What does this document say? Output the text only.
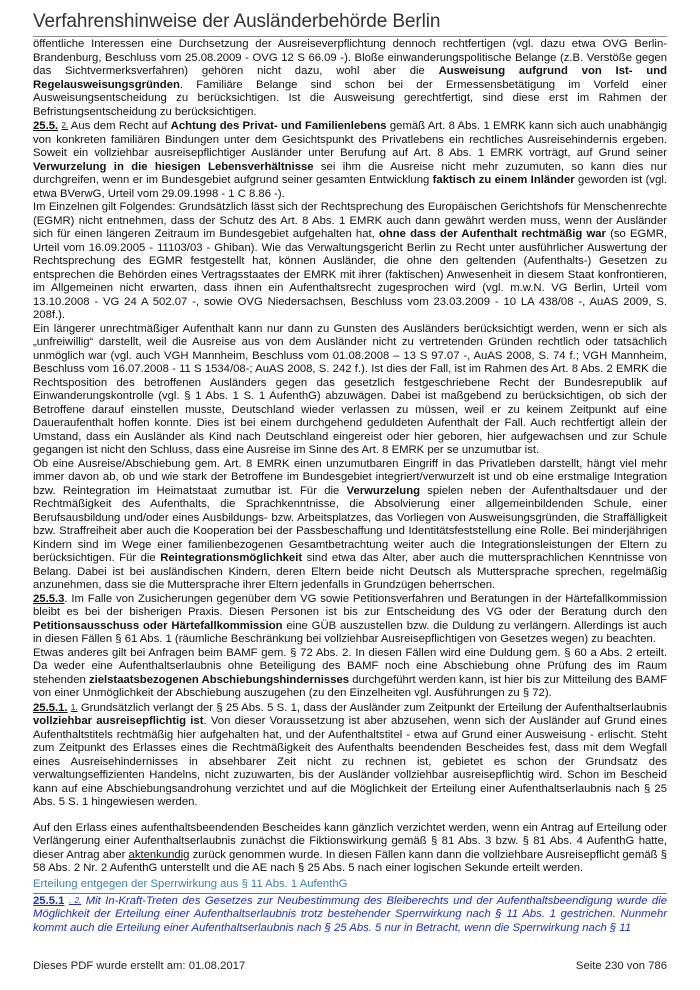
Verfahrenshinweise der Ausländerbehörde Berlin

öffentliche Interessen eine Durchsetzung der Ausreiseverpflichtung dennoch rechtfertigen (vgl. dazu etwa OVG Berlin-Brandenburg, Beschluss vom 25.08.2009 - OVG 12 S 66.09 -). Bloße einwanderungspolitische Belange (z.B. Verstöße gegen das Sichtvermerksverfahren) gehören nicht dazu, wohl aber die Ausweisung aufgrund von Ist- und Regelausweisungsgründen. Familiäre Belange sind schon bei der Ermessensbetätigung im Vorfeld einer Ausweisungsentscheidung zu berücksichtigen. Ist die Ausweisung gerechtfertigt, sind diese erst im Rahmen der Befristungsentscheidung zu berücksichtigen.

25.5. 2. Aus dem Recht auf Achtung des Privat- und Familienlebens gemäß Art. 8 Abs. 1 EMRK kann sich auch unabhängig von konkreten familiären Bindungen unter dem Gesichtspunkt des Privatlebens ein rechtliches Ausreisehindernis ergeben. Soweit ein vollziehbar ausreisepflichtiger Ausländer unter Berufung auf Art. 8 Abs. 1 EMRK vorträgt, auf Grund seiner Verwurzelung in die hiesigen Lebensverhältnisse sei ihm die Ausreise nicht mehr zuzumuten, so kann dies nur durchgreifen, wenn er im Bundesgebiet aufgrund seiner gesamten Entwicklung faktisch zu einem Inländer geworden ist (vgl. etwa BVerwG, Urteil vom 29.09.1998 - 1 C 8.86 -).

Im Einzelnen gilt Folgendes: Grundsätzlich lässt sich der Rechtsprechung des Europäischen Gerichtshofs für Menschenrechte (EGMR) nicht entnehmen, dass der Schutz des Art. 8 Abs. 1 EMRK auch dann gewährt werden muss, wenn der Ausländer sich für einen längeren Zeitraum im Bundesgebiet aufgehalten hat, ohne dass der Aufenthalt rechtmäßig war (so EGMR, Urteil vom 16.09.2005 - 11103/03 - Ghiban). Wie das Verwaltungsgericht Berlin zu Recht unter ausführlicher Auswertung der Rechtsprechung des EGMR festgestellt hat, können Ausländer, die ohne den geltenden (Aufenthalts-) Gesetzen zu entsprechen die Behörden eines Vertragsstaates der EMRK mit ihrer (faktischen) Anwesenheit in diesem Staat konfrontieren, im Allgemeinen nicht erwarten, dass ihnen ein Aufenthaltsrecht zugesprochen wird (vgl. m.w.N. VG Berlin, Urteil vom 13.10.2008 - VG 24 A 502.07 -, sowie OVG Niedersachsen, Beschluss vom 23.03.2009 - 10 LA 438/08 -, AuAS 2009, S. 208f.).

Ein längerer unrechtmäßiger Aufenthalt kann nur dann zu Gunsten des Ausländers berücksichtigt werden, wenn er sich als „unfreiwillig“ darstellt, weil die Ausreise aus von dem Ausländer nicht zu vertretenden Gründen rechtlich oder tatsächlich unmöglich war (vgl. auch VGH Mannheim, Beschluss vom 01.08.2008 – 13 S 97.07 -, AuAS 2008, S. 74 f.; VGH Mannheim, Beschluss vom 16.07.2008 - 11 S 1534/08-; AuAS 2008, S. 242 f.). Ist dies der Fall, ist im Rahmen des Art. 8 Abs. 2 EMRK die Rechtsposition des betroffenen Ausländers gegen das gesetzlich festgeschriebene Recht der Bundesrepublik auf Einwanderungskontrolle (vgl. § 1 Abs. 1 S. 1 AufenthG) abzuwägen. Dabei ist maßgebend zu berücksichtigen, ob sich der Betroffene darauf einstellen musste, Deutschland wieder verlassen zu müssen, weil er zu keinem Zeitpunkt auf eine Daueraufenthalt hoffen konnte. Dies ist bei einem durchgehend geduldeten Aufenthalt der Fall. Auch rechtfertigt allein der Umstand, dass ein Ausländer als Kind nach Deutschland eingereist oder hier geboren, hier aufgewachsen und zur Schule gegangen ist nicht den Schluss, dass eine Ausreise im Sinne des Art. 8 EMRK per se unzumutbar ist.

Ob eine Ausreise/Abschiebung gem. Art. 8 EMRK einen unzumutbaren Eingriff in das Privatleben darstellt, hängt viel mehr immer davon ab, ob und wie stark der Betroffene im Bundesgebiet integriert/verwurzelt ist und ob eine erstmalige Integration bzw. Reintegration im Heimatstaat zumutbar ist. Für die Verwurzelung spielen neben der Aufenthaltsdauer und der Rechtmäßigkeit des Aufenthalts, die Sprachkenntnisse, die Absolvierung einer allgemeinbildenden Schule, einer Berufsausbildung und/oder eines Ausbildungs- bzw. Arbeitsplatzes, das Vorliegen von Ausweisungsgründen, die Straffälligkeit bzw. Straffreiheit aber auch die Kooperation bei der Passbeschaffung und Identitätsfeststellung eine Rolle. Bei minderjährigen Kindern sind im Wege einer familienbezogenen Gesamtbetrachtung weiter auch die Integrationsleistungen der Eltern zu berücksichtigen. Für die Reintegrationsmöglichkeit sind etwa das Alter, aber auch die muttersprachlichen Kenntnisse von Belang. Dabei ist bei ausländischen Kindern, deren Eltern beide nicht Deutsch als Muttersprache sprechen, regelmäßig anzunehmen, dass sie die Muttersprache ihrer Eltern jedenfalls in Grundzügen beherrschen.

25.5.3. Im Falle von Zusicherungen gegenüber dem VG sowie Petitionsverfahren und Beratungen in der Härtefallkommission bleibt es bei der bisherigen Praxis. Diesen Personen ist bis zur Entscheidung des VG oder der Beratung durch den Petitionsausschuss oder Härtefallkommission eine GÜB auszustellen bzw. die Duldung zu verlängern. Allerdings ist auch in diesen Fällen § 61 Abs. 1 (räumliche Beschränkung bei vollziehbar Ausreisepflichtigen von Gesetzes wegen) zu beachten.

Etwas anderes gilt bei Anfragen beim BAMF gem. § 72 Abs. 2. In diesen Fällen wird eine Duldung gem. § 60 a Abs. 2 erteilt. Da weder eine Aufenthaltserlaubnis ohne Beteiligung des BAMF noch eine Abschiebung ohne Prüfung des im Raum stehenden zielstaatsbezogenen Abschiebungshindernisses durchgeführt werden kann, ist hier bis zur Mitteilung des BAMF von einer Unmöglichkeit der Abschiebung auszugehen (zu den Einzelheiten vgl. Ausführungen zu § 72).

25.5.1. 1. Grundsätzlich verlangt der § 25 Abs. 5 S. 1, dass der Ausländer zum Zeitpunkt der Erteilung der Aufenthaltserlaubnis vollziehbar ausreisepflichtig ist. Von dieser Voraussetzung ist aber abzusehen, wenn sich der Ausländer auf Grund eines Aufenthaltstitels rechtmäßig hier aufgehalten hat, und der Aufenthaltstitel - etwa auf Grund einer Ausweisung - erlischt. Steht zum Zeitpunkt des Erlasses eines die Rechtmäßigkeit des Aufenthalts beendenden Bescheides fest, dass mit dem Wegfall eines Ausreisehindernisses in absehbarer Zeit nicht zu rechnen ist, gebietet es schon der Grundsatz des verwaltungseffizienten Handelns, nicht zuzuwarten, bis der Ausländer vollziehbar ausreisepflichtig wird. Schon im Bescheid kann auf eine Abschiebungsandrohung verzichtet und auf die Möglichkeit der Erteilung einer Aufenthaltserlaubnis nach § 25 Abs. 5 S. 1 hingewiesen werden.

Auf den Erlass eines aufenthaltsbeendenden Bescheides kann gänzlich verzichtet werden, wenn ein Antrag auf Erteilung oder Verlängerung einer Aufenthaltserlaubnis zunächst die Fiktionswirkung gemäß § 81 Abs. 3 bzw. § 81 Abs. 4 AufenthG hatte, dieser Antrag aber aktenkundig zurück genommen wurde. In diesen Fällen kann dann die vollziehbare Ausreisepflicht gemäß § 58 Abs. 2 Nr. 2 AufenthG unterstellt und die AE nach § 25 Abs. 5 nach einer logischen Sekunde erteilt werden.

Erteilung entgegen der Sperrwirkung aus § 11 Abs. 1 AufenthG

25.5.1 . 2. Mit In-Kraft-Treten des Gesetzes zur Neubestimmung des Bleiberechts und der Aufenthaltsbeendigung wurde die Möglichkeit der Erteilung einer Aufenthaltserlaubnis trotz bestehender Sperrwirkung nach § 11 Abs. 1 gestrichen. Nunmehr kommt auch die Erteilung einer Aufenthaltserlaubnis nach § 25 Abs. 5 nur in Betracht, wenn die Sperrwirkung nach § 11

Dieses PDF wurde erstellt am: 01.08.2017	Seite 230 von 786
